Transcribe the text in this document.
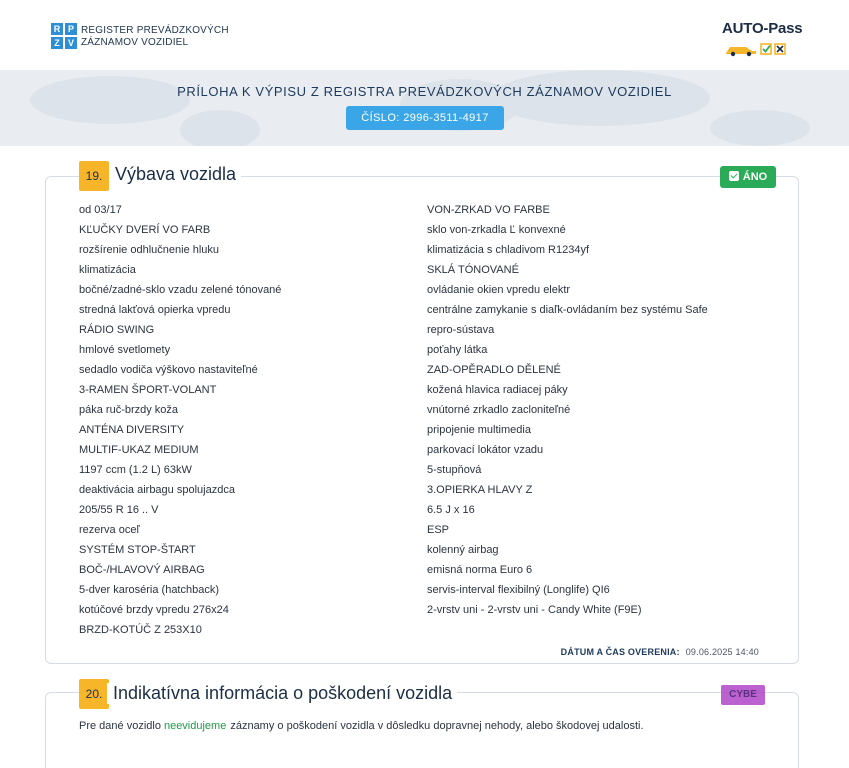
R P
Z V
REGISTER PREVÁDZKOVÝCH
ZÁZNAMOV VOZIDIEL
AUTO-Pass
PRÍLOHA K VÝPISU Z REGISTRA PREVÁDZKOVÝCH ZÁZNAMOV VOZIDIEL
ČÍSLO: 2996-3511-4917
19. Výbava vozidla	ÁNO
od 03/17
KĽUČKY DVERÍ VO FARB
rozšírenie odhlučnenie hluku
klimatizácia
bočné/zadné-sklo vzadu zelené tónované
stredná lakťová opierka vpredu
RÁDIO SWING
hmlové svetlomety
sedadlo vodiča výškovo nastaviteľné
3-RAMEN ŠPORT-VOLANT
páka ruč-brzdy koža
ANTÉNA DIVERSITY
MULTIF-UKAZ MEDIUM
1197 ccm (1.2 L) 63kW
deaktivácia airbagu spolujazdca
205/55 R 16 .. V
rezerva oceľ
SYSTÉM STOP-ŠTART
BOČ-/HLAVOVÝ AIRBAG
5-dver karoséria (hatchback)
kotúčové brzdy vpredu 276x24
BRZD-KOTÚČ Z 253X10
VON-ZRKAD VO FARBE
sklo von-zrkadla Ľ konvexné
klimatizácia s chladivom R1234yf
SKLÁ TÓNOVANÉ
ovládanie okien vpredu elektr
centrálne zamykanie s diaľk-ovládaním bez systému Safe
repro-sústava
poťahy látka
ZAD-OPĚRADLO DĚLENÉ
kožená hlavica radiacej páky
vnútorné zrkadlo zacloniteľné
pripojenie multimedia
parkovací lokátor vzadu
5-stupňová
3.OPIERKA HLAVY Z
6.5 J x 16
ESP
kolenný airbag
emisná norma Euro 6
servis-interval flexibilný (Longlife) QI6
2-vrstv uni - 2-vrstv uni - Candy White (F9E)
DÁTUM A ČAS OVERENIA: 09.06.2025 14:40
20. Indikatívna informácia o poškodení vozidla	CYBE
Pre dané vozidlo neevidujeme záznamy o poškodení vozidla v dôsledku dopravnej nehody, alebo škodovej udalosti.
